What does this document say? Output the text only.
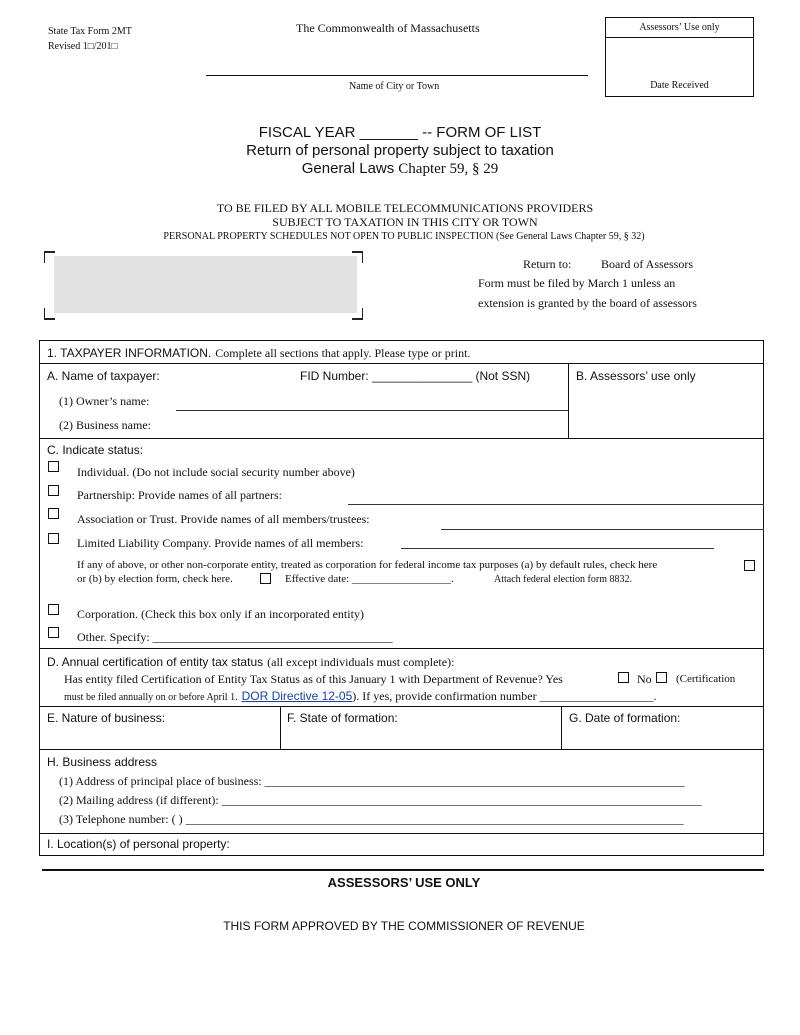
State Tax Form 2MT
Revised 1□/201□
The Commonwealth of Massachusetts
Name of City or Town
Assessors’ Use only
Date Received
FISCAL YEAR _______ -- FORM OF LIST
Return of personal property subject to taxation
General Laws Chapter 59, § 29
TO BE FILED BY ALL MOBILE TELECOMMUNICATIONS PROVIDERS
SUBJECT TO TAXATION IN THIS CITY OR TOWN
PERSONAL PROPERTY SCHEDULES NOT OPEN TO PUBLIC INSPECTION (See General Laws Chapter 59, § 32)
Return to: Board of Assessors
Form must be filed by March 1 unless an
extension is granted by the board of assessors
1. TAXPAYER INFORMATION. Complete all sections that apply. Please type or print.
A. Name of taxpayer:	FID Number: _______________ (Not SSN)	B. Assessors’ use only
(1) Owner’s name:
(2) Business name:
C. Indicate status:
Individual. (Do not include social security number above)
Partnership: Provide names of all partners:
Association or Trust. Provide names of all members/trustees:
Limited Liability Company. Provide names of all members:
If any of above, or other non-corporate entity, treated as corporation for federal income tax purposes (a) by default rules, check here
or (b) by election form, check here.	Effective date: __________________.	Attach federal election form 8832.
Corporation. (Check this box only if an incorporated entity)
Other. Specify: ________________________________________
D. Annual certification of entity tax status (all except individuals must complete):
Has entity filed Certification of Entity Tax Status as of this January 1 with Department of Revenue? Yes	No (Certification
must be filed annually on or before April 1. DOR Directive 12-05). If yes, provide confirmation number ___________________.
E. Nature of business:	F. State of formation:	G. Date of formation:
H. Business address
(1) Address of principal place of business: ______________________________________________________________________
(2) Mailing address (if different): ________________________________________________________________________________
(3) Telephone number: ( ) ___________________________________________________________________________________
I. Location(s) of personal property:
ASSESSORS’ USE ONLY
THIS FORM APPROVED BY THE COMMISSIONER OF REVENUE
